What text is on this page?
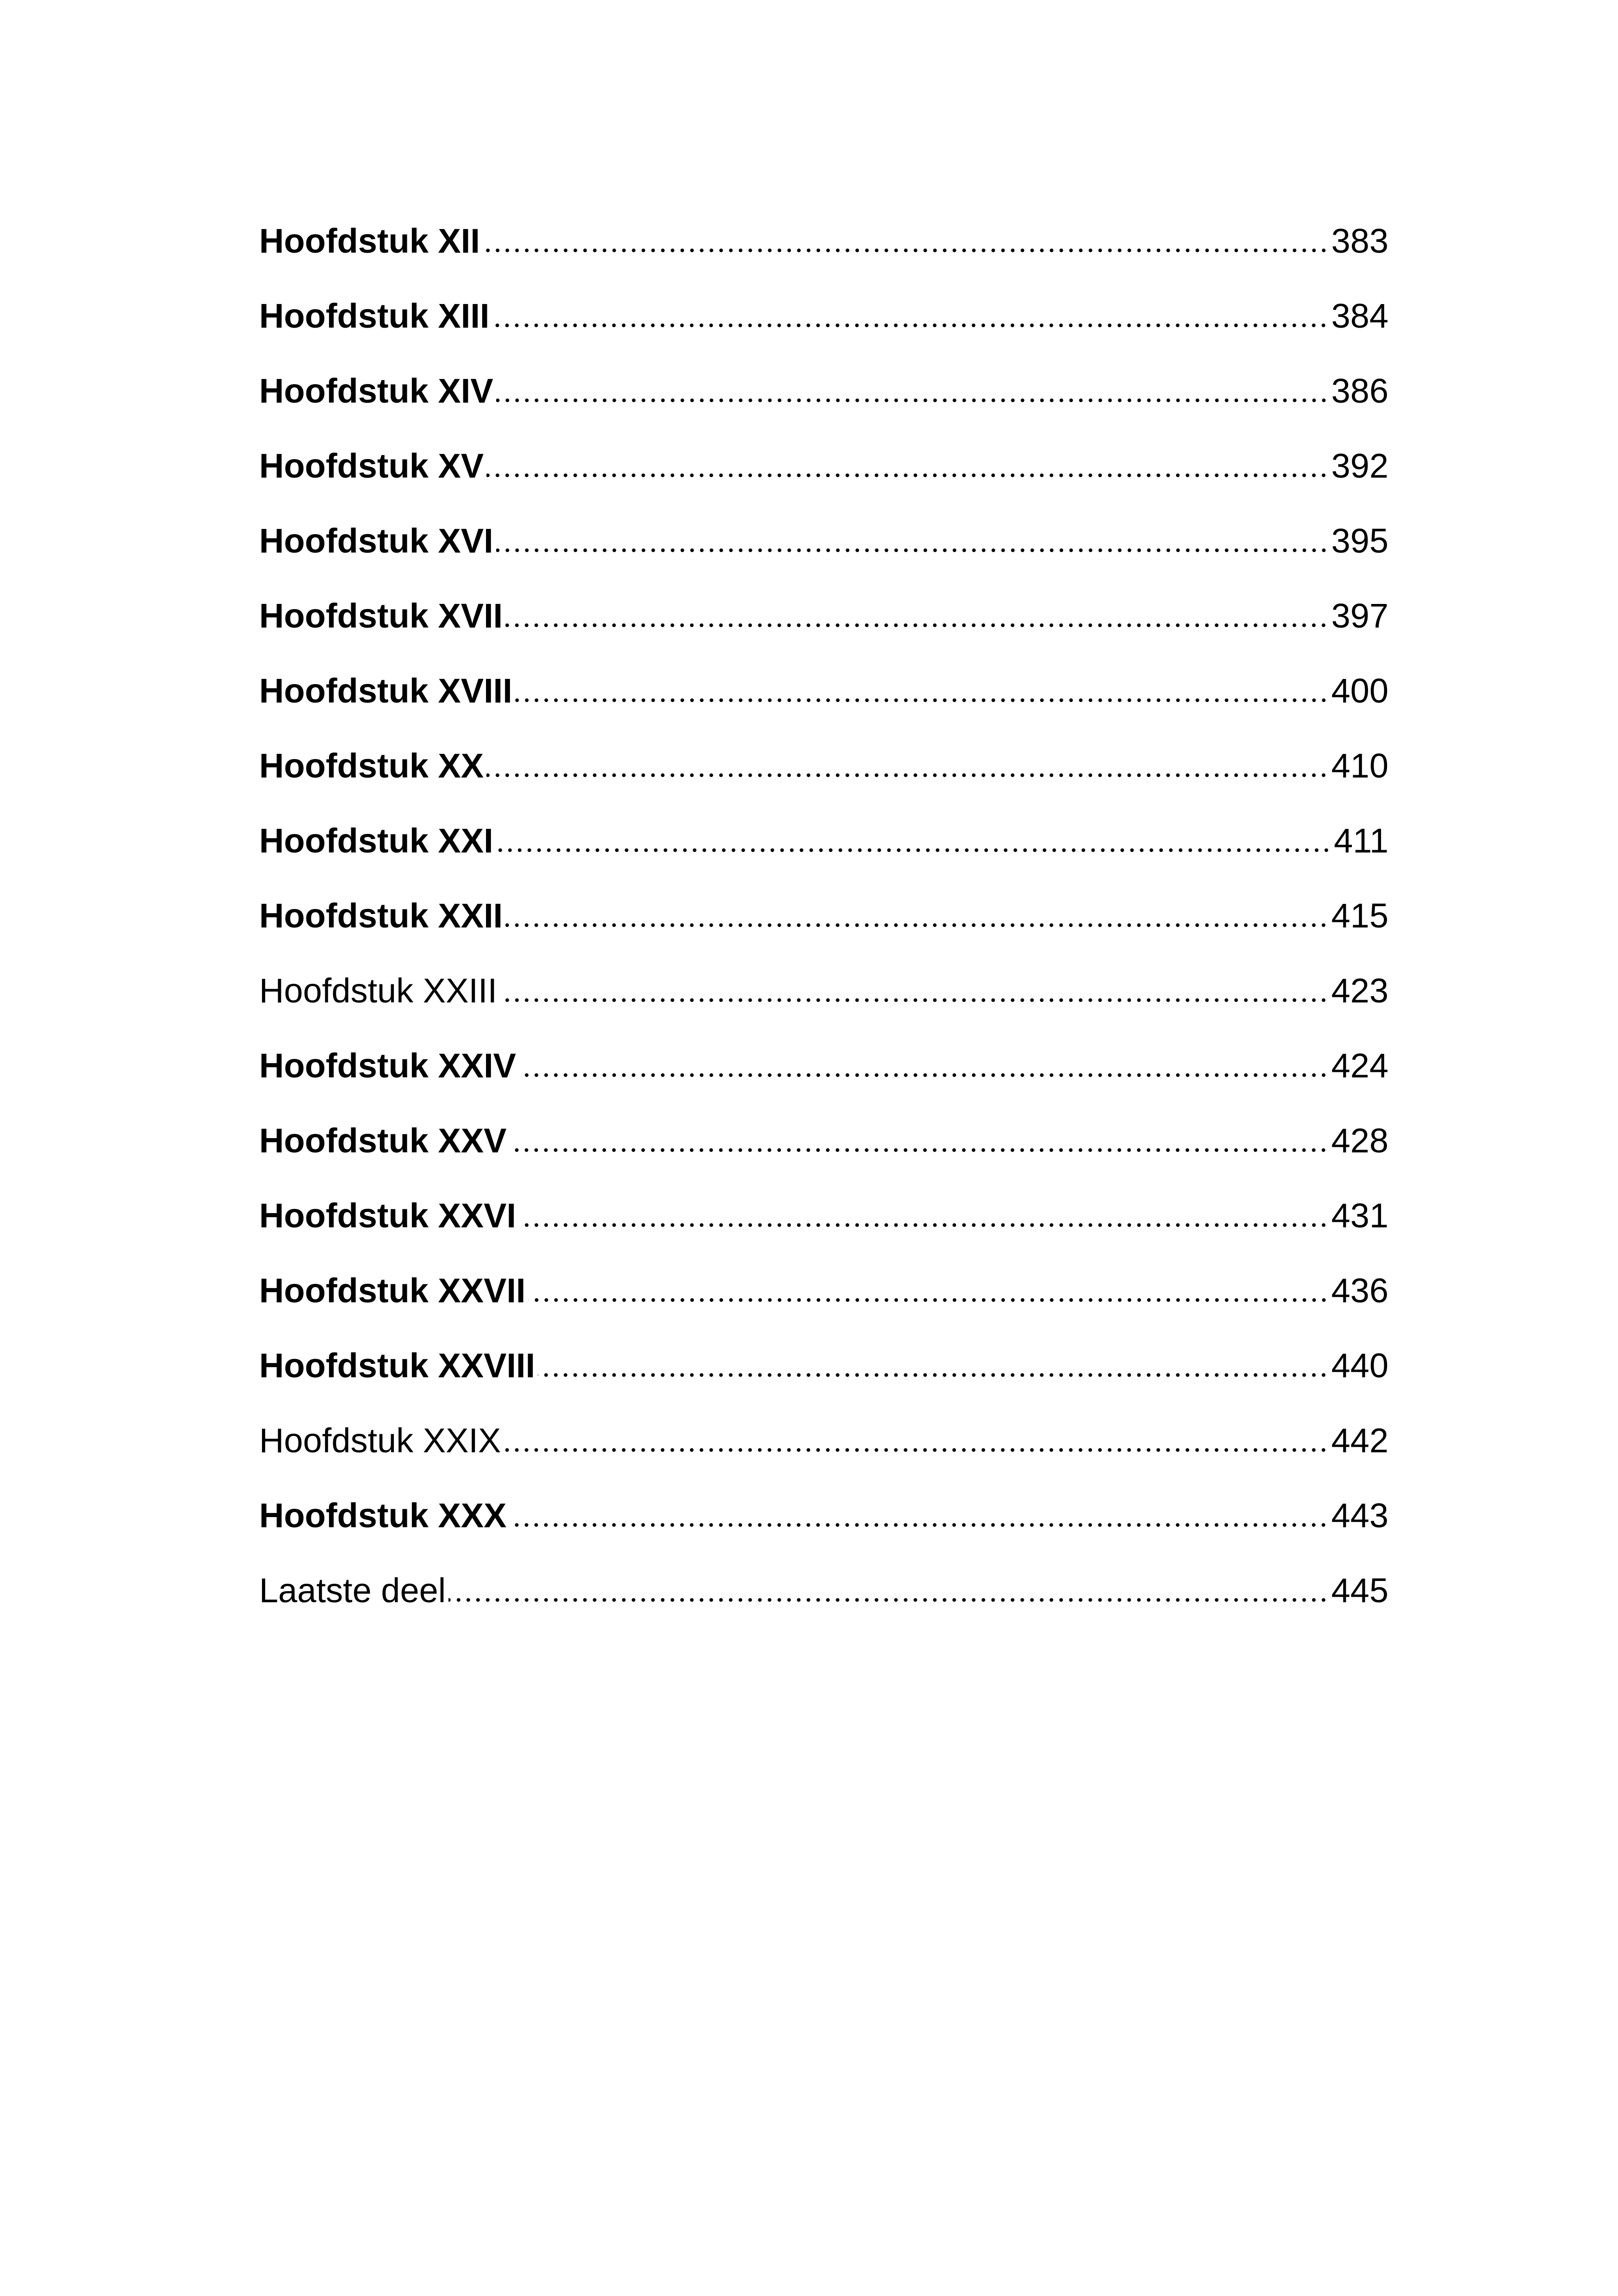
Hoofdstuk XII	383
Hoofdstuk XIII	384
Hoofdstuk XIV	386
Hoofdstuk XV	392
Hoofdstuk XVI	395
Hoofdstuk XVII	397
Hoofdstuk XVIII	400
Hoofdstuk XX	410
Hoofdstuk XXI	411
Hoofdstuk XXII	415
Hoofdstuk XXIII	423
Hoofdstuk XXIV	424
Hoofdstuk XXV	428
Hoofdstuk XXVI	431
Hoofdstuk XXVII	436
Hoofdstuk XXVIII	440
Hoofdstuk XXIX	442
Hoofdstuk XXX	443
Laatste deel	445
